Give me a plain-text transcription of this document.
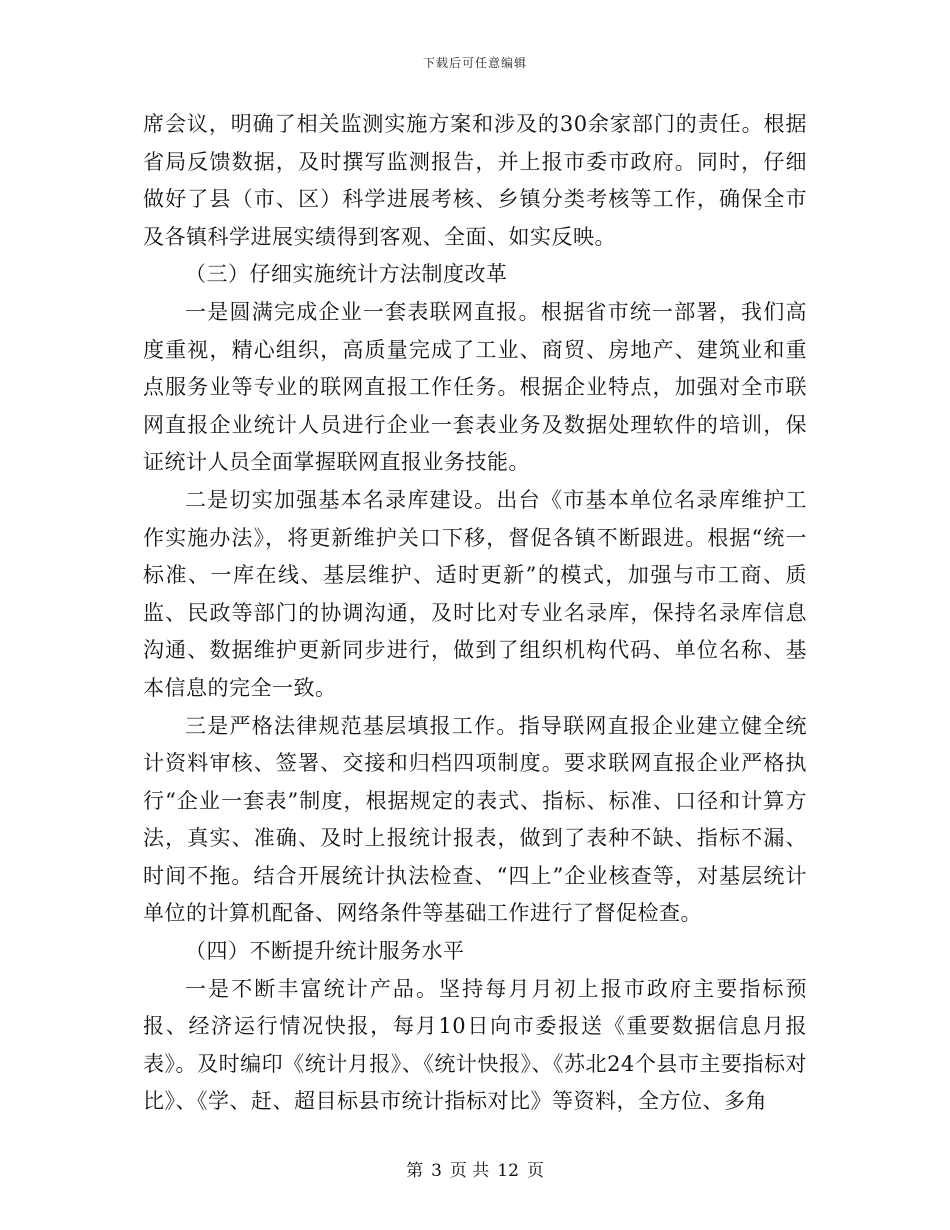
下载后可任意编辑

席会议，明确了相关监测实施方案和涉及的30余家部门的责任。根据省局反馈数据，及时撰写监测报告，并上报市委市政府。同时，仔细做好了县（市、区）科学进展考核、乡镇分类考核等工作，确保全市及各镇科学进展实绩得到客观、全面、如实反映。

（三）仔细实施统计方法制度改革

一是圆满完成企业一套表联网直报。根据省市统一部署，我们高度重视，精心组织，高质量完成了工业、商贸、房地产、建筑业和重点服务业等专业的联网直报工作任务。根据企业特点，加强对全市联网直报企业统计人员进行企业一套表业务及数据处理软件的培训，保证统计人员全面掌握联网直报业务技能。

二是切实加强基本名录库建设。出台《市基本单位名录库维护工作实施办法》，将更新维护关口下移，督促各镇不断跟进。根据“统一标准、一库在线、基层维护、适时更新”的模式，加强与市工商、质监、民政等部门的协调沟通，及时比对专业名录库，保持名录库信息沟通、数据维护更新同步进行，做到了组织机构代码、单位名称、基本信息的完全一致。

三是严格法律规范基层填报工作。指导联网直报企业建立健全统计资料审核、签署、交接和归档四项制度。要求联网直报企业严格执行“企业一套表”制度，根据规定的表式、指标、标准、口径和计算方法，真实、准确、及时上报统计报表，做到了表种不缺、指标不漏、时间不拖。结合开展统计执法检查、“四上”企业核查等，对基层统计单位的计算机配备、网络条件等基础工作进行了督促检查。

（四）不断提升统计服务水平

一是不断丰富统计产品。坚持每月月初上报市政府主要指标预报、经济运行情况快报，每月10日向市委报送《重要数据信息月报表》。及时编印《统计月报》、《统计快报》、《苏北24个县市主要指标对比》、《学、赶、超目标县市统计指标对比》等资料，全方位、多角

第 3 页 共 12 页
